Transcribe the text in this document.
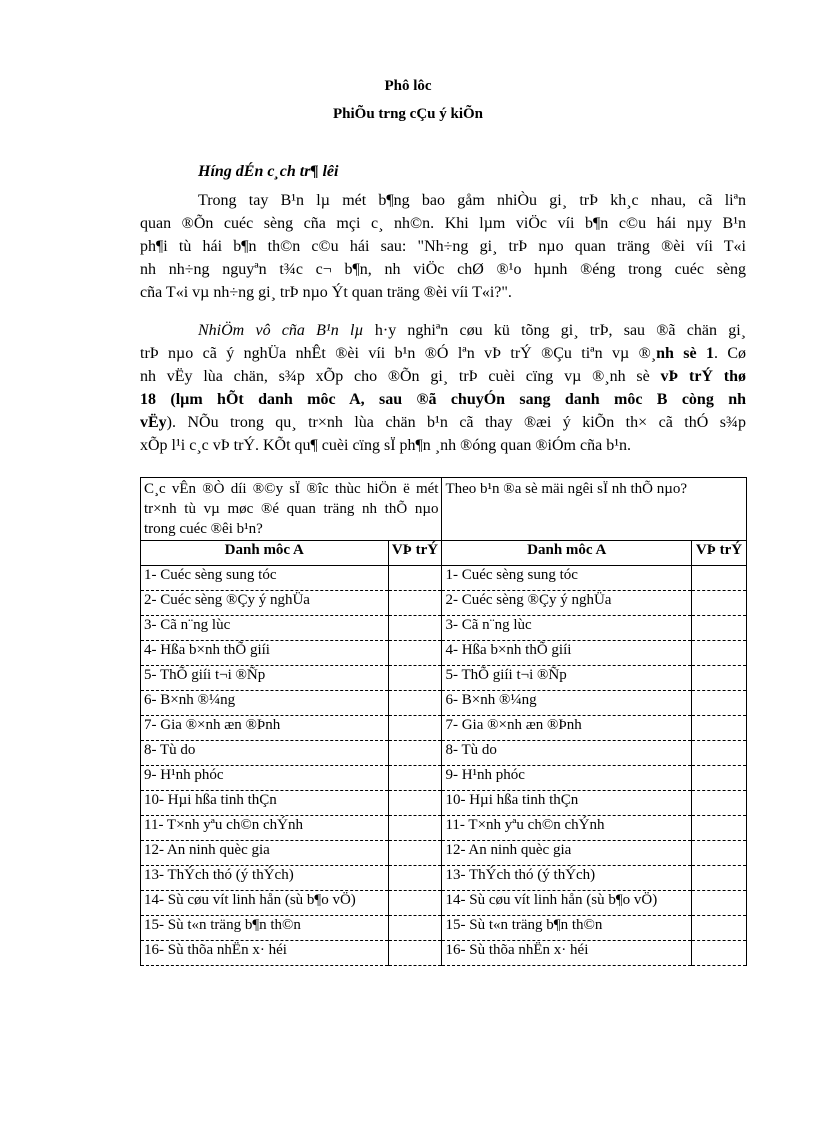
Phô lôc
PhiÕu trng cÇu ý kiÕn
Híng dÉn c¸ch tr¶ lêi
Trong tay B¹n lµ mét b¶ng bao gåm nhiÒu gi¸ trÞ kh¸c nhau, cã liªn
quan ®Õn cuéc sèng cña mçi c¸ nh©n. Khi lµm viÖc víi b¶n c©u hái nµy B¹n
ph¶i tù hái b¶n th©n c©u hái sau: "Nh÷ng gi¸ trÞ nµo quan träng ®èi víi T«i
nh nh÷ng nguyªn t¾c c¬ b¶n, nh viÖc chØ ®¹o hµnh ®éng trong cuéc sèng
cña T«i vµ nh÷ng gi¸ trÞ nµo Ýt quan träng ®èi víi T«i?".
NhiÖm vô cña B¹n lµ h·y nghiªn cøu kü tõng gi¸ trÞ, sau ®ã chän gi¸
trÞ nµo cã ý nghÜa nhÊt ®èi víi b¹n ®Ó lªn vÞ trÝ ®Çu tiªn vµ ®¸nh sè 1. Cø
nh vËy lùa chän, s¾p xÕp cho ®Õn gi¸ trÞ cuèi cïng vµ ®¸nh sè vÞ trÝ thø
18 (lµm hÕt danh môc A, sau ®ã chuyÓn sang danh môc B còng nh
vËy). NÕu trong qu¸ tr×nh lùa chän b¹n cã thay ®æi ý kiÕn th× cã thÓ s¾p
xÕp l¹i c¸c vÞ trÝ. KÕt qu¶ cuèi cïng sÏ ph¶n ¸nh ®óng quan ®iÓm cña b¹n.
C¸c vÊn ®Ò díi ®©y sÏ ®îc thùc hiÖn ë mét tr×nh tù vµ møc ®é quan träng nh thÕ nµo trong cuéc ®êi b¹n?		Theo b¹n ®a sè mäi ngêi sÏ nh thÕ nµo?	
Danh môc A	VÞ trÝ	Danh môc A	VÞ trÝ
1- Cuéc sèng sung tóc		1- Cuéc sèng sung tóc	
2- Cuéc sèng ®Çy ý nghÜa		2- Cuéc sèng ®Çy ý nghÜa	
3- Cã n¨ng lùc		3- Cã n¨ng lùc	
4- Hßa b×nh thÕ giíi		4- Hßa b×nh thÕ giíi	
5- ThÕ giíi t¬i ®Ñp		5- ThÕ giíi t¬i ®Ñp	
6- B×nh ®¼ng		6- B×nh ®¼ng	
7- Gia ®×nh æn ®Þnh		7- Gia ®×nh æn ®Þnh	
8- Tù do		8- Tù do	
9- H¹nh phóc		9- H¹nh phóc	
10- Hµi hßa tinh thÇn		10- Hµi hßa tinh thÇn	
11- T×nh yªu ch©n chÝnh		11- T×nh yªu ch©n chÝnh	
12- An ninh quèc gia		12- An ninh quèc gia	
13- ThÝch thó (ý thÝch)		13- ThÝch thó (ý thÝch)	
14- Sù cøu vít linh hån (sù b¶o vÖ)		14- Sù cøu vít linh hån (sù b¶o vÖ)	
15- Sù t«n träng b¶n th©n		15- Sù t«n träng b¶n th©n	
16- Sù thõa nhËn x· héi		16- Sù thõa nhËn x· héi	
